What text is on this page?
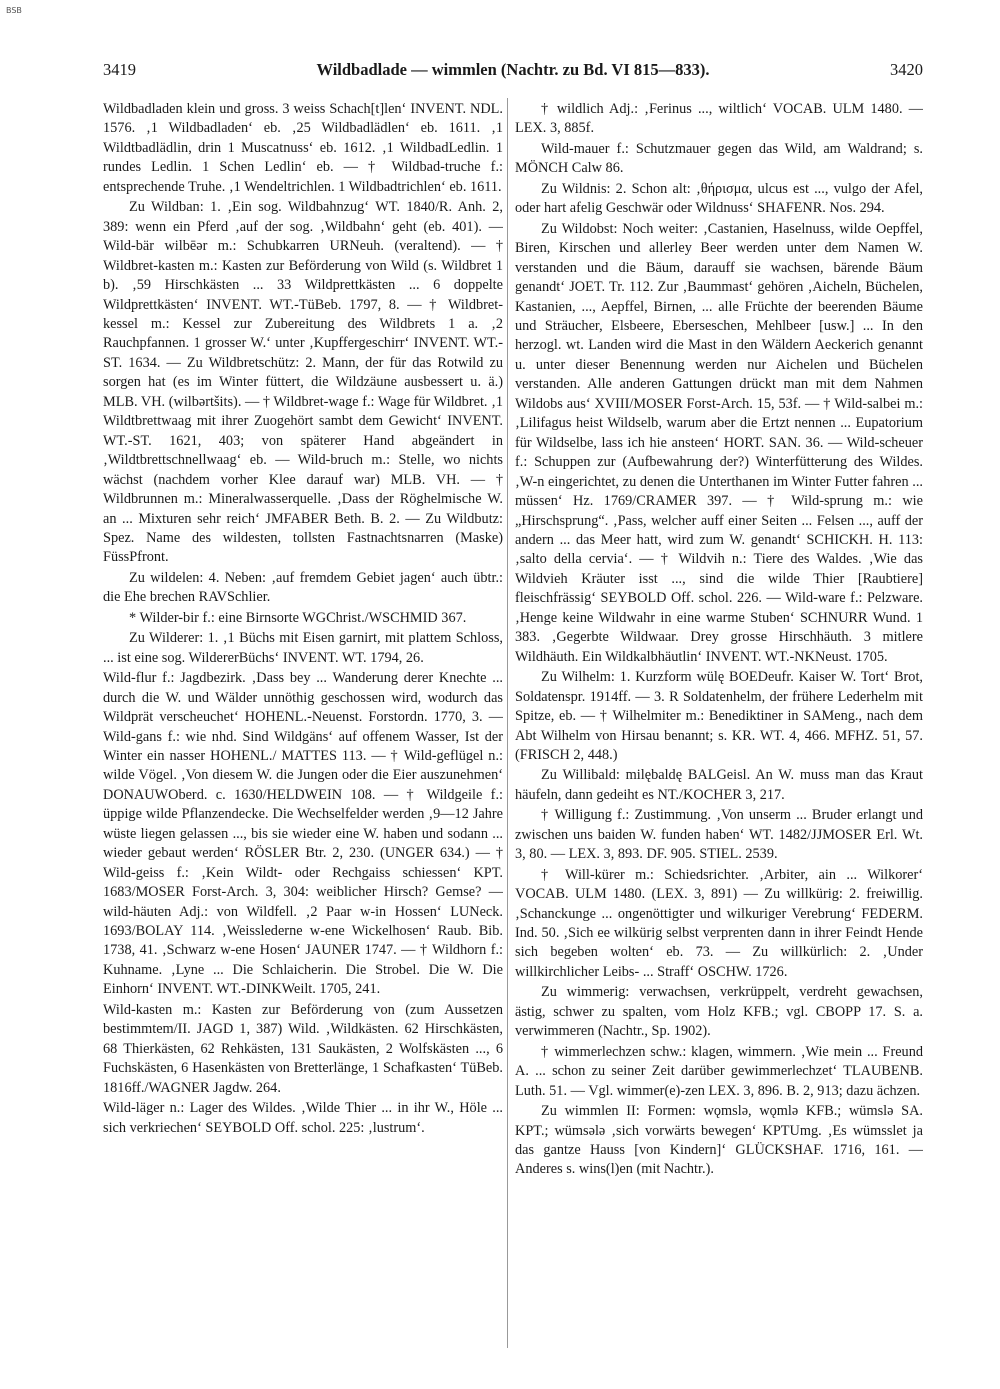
BSB
3419	Wildbadlade — wimmlen (Nachtr. zu Bd. VI 815—833).	3420

Wildbadladen klein und gross. 3 weiss Schach[t]len‘ INVENT. NDL. 1576. ‚1 Wildbadladen‘ eb. ‚25 Wildbadlädlen‘ eb. 1611. ‚1 Wildtbadlädlin, drin 1 Muscatnuss‘ eb. 1612. ‚1 WildbadLedlin. 1 rundes Ledlin. 1 Schen Ledlin‘ eb. — † Wildbad-truche f.: entsprechende Truhe. ‚1 Wendeltrichlen. 1 Wildbadtrichlen‘ eb. 1611.

Zu Wildban: 1. ‚Ein sog. Wildbahnzug‘ WT. 1840/R. Anh. 2, 389: wenn ein Pferd ‚auf der sog. ‚Wildbahn‘ geht (eb. 401). — Wild-bär wilbēər m.: Schubkarren URNeuh. (veraltend). — † Wildbret-kasten m.: Kasten zur Beförderung von Wild (s. Wildbret 1 b). ‚59 Hirschkästen ... 33 Wildprettkästen ... 6 doppelte Wildprettkästen‘ INVENT. WT.-TüBeb. 1797, 8. — † Wildbret-kessel m.: Kessel zur Zubereitung des Wildbrets 1 a. ‚2 Rauchpfannen. 1 grosser W.‘ unter ‚Kupffergeschirr‘ INVENT. WT.-ST. 1634. — Zu Wildbretschütz: 2. Mann, der für das Rotwild zu sorgen hat (es im Winter füttert, die Wildzäune ausbessert u. ä.) MLB. VH. (wilbərtšits). — † Wildbret-wage f.: Wage für Wildbret. ‚1 Wildtbrettwaag mit ihrer Zuogehört sambt dem Gewicht‘ INVENT. WT.-ST. 1621, 403; von späterer Hand abgeändert in ‚Wildtbrettschnellwaag‘ eb. — Wild-bruch m.: Stelle, wo nichts wächst (nachdem vorher Klee darauf war) MLB. VH. — † Wildbrunnen m.: Mineralwasserquelle. ‚Dass der Röghelmische W. an ... Mixturen sehr reich‘ JMFABER Beth. B. 2. — Zu Wildbutz: Spez. Name des wildesten, tollsten Fastnachtsnarren (Maske) FüssPfront.

Zu wildelen: 4. Neben: ‚auf fremdem Gebiet jagen‘ auch übtr.: die Ehe brechen RAVSchlier.

* Wilder-bir f.: eine Birnsorte WGChrist./WSCHMID 367.

Zu Wilderer: 1. ‚1 Büchs mit Eisen garnirt, mit plattem Schloss, ... ist eine sog. WildererBüchs‘ INVENT. WT. 1794, 26.

Wild-flur f.: Jagdbezirk. ‚Dass bey ... Wanderung derer Knechte ... durch die W. und Wälder unnöthig geschossen wird, wodurch das Wildprät verscheuchet‘ HOHENL.-Neuenst. Forstordn. 1770, 3. — Wild-gans f.: wie nhd. Sind Wildgäns‘ auf offenem Wasser, Ist der Winter ein nasser HOHENL./ MATTES 113. — † Wild-geflügel n.: wilde Vögel. ‚Von diesem W. die Jungen oder die Eier auszunehmen‘ DONAUWOberd. c. 1630/HELDWEIN 108. — † Wildgeile f.: üppige wilde Pflanzendecke. Die Wechselfelder werden ‚9—12 Jahre wüste liegen gelassen ..., bis sie wieder eine W. haben und sodann ... wieder gebaut werden‘ RÖSLER Btr. 2, 230. (UNGER 634.) — † Wild-geiss f.: ‚Kein Wildt- oder Rechgaiss schiessen‘ KPT. 1683/MOSER Forst-Arch. 3, 304: weiblicher Hirsch? Gemse? — wild-häuten Adj.: von Wildfell. ‚2 Paar w-in Hossen‘ LUNeck. 1693/BOLAY 114. ‚Weisslederne w-ene Wickelhosen‘ Raub. Bib. 1738, 41. ‚Schwarz w-ene Hosen‘ JAUNER 1747. — † Wildhorn f.: Kuhname. ‚Lyne ... Die Schlaicherin. Die Strobel. Die W. Die Einhorn‘ INVENT. WT.-DINKWeilt. 1705, 241.

Wild-kasten m.: Kasten zur Beförderung von (zum Aussetzen bestimmtem/II. JAGD 1, 387) Wild. ‚Wildkästen. 62 Hirschkästen, 68 Thierkästen, 62 Rehkästen, 131 Saukästen, 2 Wolfskästen ..., 6 Fuchskästen, 6 Hasenkästen von Bretterlänge, 1 Schafkasten‘ TüBeb. 1816ff./WAGNER Jagdw. 264.

Wild-läger n.: Lager des Wildes. ‚Wilde Thier ... in ihr W., Höle ... sich verkriechen‘ SEYBOLD Off. schol. 225: ‚lustrum‘.

† wildlich Adj.: ‚Ferinus ..., wiltlich‘ VOCAB. ULM 1480. — LEX. 3, 885f.

Wild-mauer f.: Schutzmauer gegen das Wild, am Waldrand; s. MÖNCH Calw 86.

Zu Wildnis: 2. Schon alt: ‚θήρισμα, ulcus est ..., vulgo der Afel, oder hart afelig Geschwär oder Wildnuss‘ SHAFENR. Nos. 294.

Zu Wildobst: Noch weiter: ‚Castanien, Haselnuss, wilde Oepffel, Biren, Kirschen und allerley Beer werden unter dem Namen W. verstanden und die Bäum, darauff sie wachsen, bärende Bäum genandt‘ JOET. Tr. 112. Zur ‚Baummast‘ gehören ‚Aicheln, Büchelen, Kastanien, ..., Aepffel, Birnen, ... alle Früchte der beerenden Bäume und Sträucher, Elsbeere, Eberseschen, Mehlbeer [usw.] ... In den herzogl. wt. Landen wird die Mast in den Wäldern Aeckerich genannt u. unter dieser Benennung werden nur Aichelen und Büchelen verstanden. Alle anderen Gattungen drückt man mit dem Nahmen Wildobs aus‘ XVIII/MOSER Forst-Arch. 15, 53f. — † Wild-salbei m.: ‚Lilifagus heist Wildselb, warum aber die Ertzt nennen ... Eupatorium für Wildselbe, lass ich hie ansteen‘ HORT. SAN. 36. — Wild-scheuer f.: Schuppen zur (Aufbewahrung der?) Winterfütterung des Wildes. ‚W-n eingerichtet, zu denen die Unterthanen im Winter Futter fahren ... müssen‘ Hz. 1769/CRAMER 397. — † Wild-sprung m.: wie „Hirschsprung“. ‚Pass, welcher auff einer Seiten ... Felsen ..., auff der andern ... das Meer hatt, wird zum W. genandt‘ SCHICKH. H. 113: ‚salto della cervia‘. — † Wildvih n.: Tiere des Waldes. ‚Wie das Wildvieh Kräuter isst ..., sind die wilde Thier [Raubtiere] fleischfrässig‘ SEYBOLD Off. schol. 226. — Wild-ware f.: Pelzware. ‚Henge keine Wildwahr in eine warme Stuben‘ SCHNURR Wund. 1 383. ‚Gegerbte Wildwaar. Drey grosse Hirschhäuth. 3 mitlere Wildhäuth. Ein Wildkalbhäutlin‘ INVENT. WT.-NKNeust. 1705.

Zu Wilhelm: 1. Kurzform wülę BOEDeufr. Kaiser W. Tort‘ Brot, Soldatenspr. 1914ff. — 3. R Soldatenhelm, der frühere Lederhelm mit Spitze, eb. — † Wilhelmiter m.: Benediktiner in SAMeng., nach dem Abt Wilhelm von Hirsau benannt; s. KR. WT. 4, 466. MFHZ. 51, 57. (FRISCH 2, 448.)

Zu Willibald: milębaldę BALGeisl. An W. muss man das Kraut häufeln, dann gedeiht es NT./KOCHER 3, 217.

† Willigung f.: Zustimmung. ‚Von unserm ... Bruder erlangt und zwischen uns baiden W. funden haben‘ WT. 1482/JJMOSER Erl. Wt. 3, 80. — LEX. 3, 893. DF. 905. STIEL. 2539.

† Will-kürer m.: Schiedsrichter. ‚Arbiter, ain ... Wilkorer‘ VOCAB. ULM 1480. (LEX. 3, 891) — Zu willkürig: 2. freiwillig. ‚Schanckunge ... ongenöttigter und wilkuriger Verebrung‘ FEDERM. Ind. 50. ‚Sich ee wilkürig selbst verprenten dann in ihrer Feindt Hende sich begeben wolten‘ eb. 73. — Zu willkürlich: 2. ‚Under willkirchlicher Leibs- ... Straff‘ OSCHW. 1726.

Zu wimmerig: verwachsen, verkrüppelt, verdreht gewachsen, ästig, schwer zu spalten, vom Holz KFB.; vgl. CBOPP 17. S. a. verwimmeren (Nachtr., Sp. 1902).

† wimmerlechzen schw.: klagen, wimmern. ‚Wie mein ... Freund A. ... schon zu seiner Zeit darüber gewimmerlechzet‘ TLAUBENB. Luth. 51. — Vgl. wimmer(e)-zen LEX. 3, 896. B. 2, 913; dazu ächzen.

Zu wimmlen II: Formen: wǫmslə, wǫmlə KFB.; wümslə SA. KPT.; wümsələ ‚sich vorwärts bewegen‘ KPTUmg. ‚Es wümsslet ja das gantze Hauss [von Kindern]‘ GLÜCKSHAF. 1716, 161. — Anderes s. wins(l)en (mit Nachtr.).
